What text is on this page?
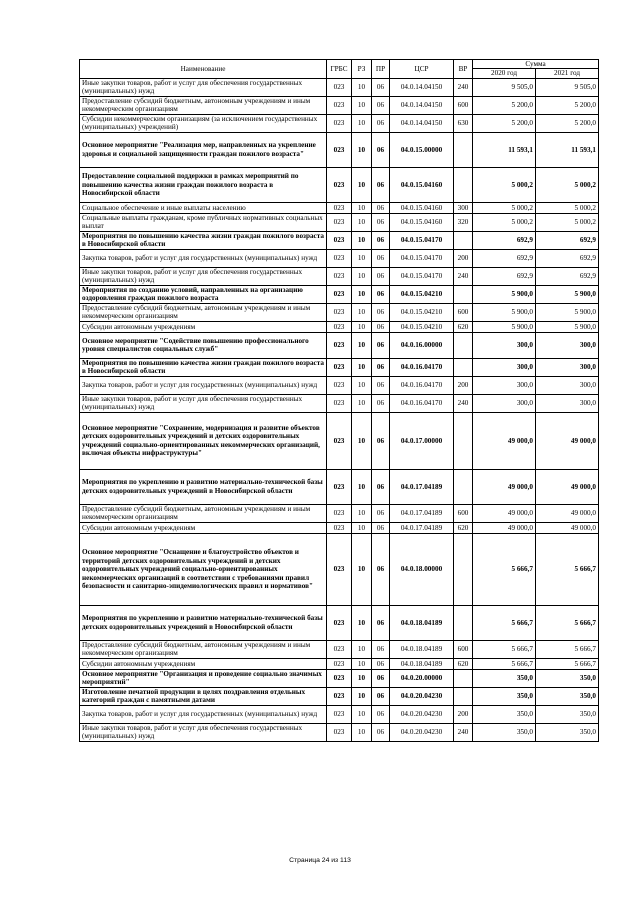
Наименование	ГРБС	РЗ	ПР	ЦСР	ВР	Сумма	
						2020 год	2021 год
Иные закупки товаров, работ и услуг для обеспечения государственных (муниципальных) нужд	023	10	06	04.0.14.04150	240	9 505,0	9 505,0
Предоставление субсидий бюджетным, автономным учреждениям и иным некоммерческим организациям	023	10	06	04.0.14.04150	600	5 200,0	5 200,0
Субсидии некоммерческим организациям (за исключением государственных (муниципальных) учреждений)	023	10	06	04.0.14.04150	630	5 200,0	5 200,0
Основное мероприятие "Реализация мер, направленных на укрепление здоровья и социальной защищенности граждан пожилого возраста"	023	10	06	04.0.15.00000		11 593,1	11 593,1
Предоставление социальной поддержки в рамках мероприятий по повышению качества жизни граждан пожилого возраста в Новосибирской области	023	10	06	04.0.15.04160		5 000,2	5 000,2
Социальное обеспечение и иные выплаты населению	023	10	06	04.0.15.04160	300	5 000,2	5 000,2
Социальные выплаты гражданам, кроме публичных нормативных социальных выплат	023	10	06	04.0.15.04160	320	5 000,2	5 000,2
Мероприятия по повышению качества жизни граждан пожилого возраста в Новосибирской области	023	10	06	04.0.15.04170		692,9	692,9
Закупка товаров, работ и услуг для государственных (муниципальных) нужд	023	10	06	04.0.15.04170	200	692,9	692,9
Иные закупки товаров, работ и услуг для обеспечения государственных (муниципальных) нужд	023	10	06	04.0.15.04170	240	692,9	692,9
Мероприятия по созданию условий, направленных на организацию оздоровления граждан пожилого возраста	023	10	06	04.0.15.04210		5 900,0	5 900,0
Предоставление субсидий бюджетным, автономным учреждениям и иным некоммерческим организациям	023	10	06	04.0.15.04210	600	5 900,0	5 900,0
Субсидии автономным учреждениям	023	10	06	04.0.15.04210	620	5 900,0	5 900,0
Основное мероприятие "Содействие повышению профессионального уровня специалистов социальных служб"	023	10	06	04.0.16.00000		300,0	300,0
Мероприятия по повышению качества жизни граждан пожилого возраста в Новосибирской области	023	10	06	04.0.16.04170		300,0	300,0
Закупка товаров, работ и услуг для государственных (муниципальных) нужд	023	10	06	04.0.16.04170	200	300,0	300,0
Иные закупки товаров, работ и услуг для обеспечения государственных (муниципальных) нужд	023	10	06	04.0.16.04170	240	300,0	300,0
Основное мероприятие "Сохранение, модернизация и развитие объектов детских оздоровительных учреждений и детских оздоровительных учреждений социально-ориентированных некоммерческих организаций, включая объекты инфраструктуры"	023	10	06	04.0.17.00000		49 000,0	49 000,0
Мероприятия по укреплению и развитию материально-технической базы детских оздоровительных учреждений в Новосибирской области	023	10	06	04.0.17.04189		49 000,0	49 000,0
Предоставление субсидий бюджетным, автономным учреждениям и иным некоммерческим организациям	023	10	06	04.0.17.04189	600	49 000,0	49 000,0
Субсидии автономным учреждениям	023	10	06	04.0.17.04189	620	49 000,0	49 000,0
Основное мероприятие "Оснащение и благоустройство объектов и территорий детских оздоровительных учреждений и детских оздоровительных учреждений социально-ориентированных некоммерческих организаций в соответствии с требованиями правил безопасности и санитарно-эпидемиологических правил и нормативов"	023	10	06	04.0.18.00000		5 666,7	5 666,7
Мероприятия по укреплению и развитию материально-технической базы детских оздоровительных учреждений в Новосибирской области	023	10	06	04.0.18.04189		5 666,7	5 666,7
Предоставление субсидий бюджетным, автономным учреждениям и иным некоммерческим организациям	023	10	06	04.0.18.04189	600	5 666,7	5 666,7
Субсидии автономным учреждениям	023	10	06	04.0.18.04189	620	5 666,7	5 666,7
Основное мероприятие "Организация и проведение социально значимых мероприятий"	023	10	06	04.0.20.00000		350,0	350,0
Изготовление печатной продукции в целях поздравления отдельных категорий граждан с памятными датами	023	10	06	04.0.20.04230		350,0	350,0
Закупка товаров, работ и услуг для государственных (муниципальных) нужд	023	10	06	04.0.20.04230	200	350,0	350,0
Иные закупки товаров, работ и услуг для обеспечения государственных (муниципальных) нужд	023	10	06	04.0.20.04230	240	350,0	350,0
Страница 24 из 113
